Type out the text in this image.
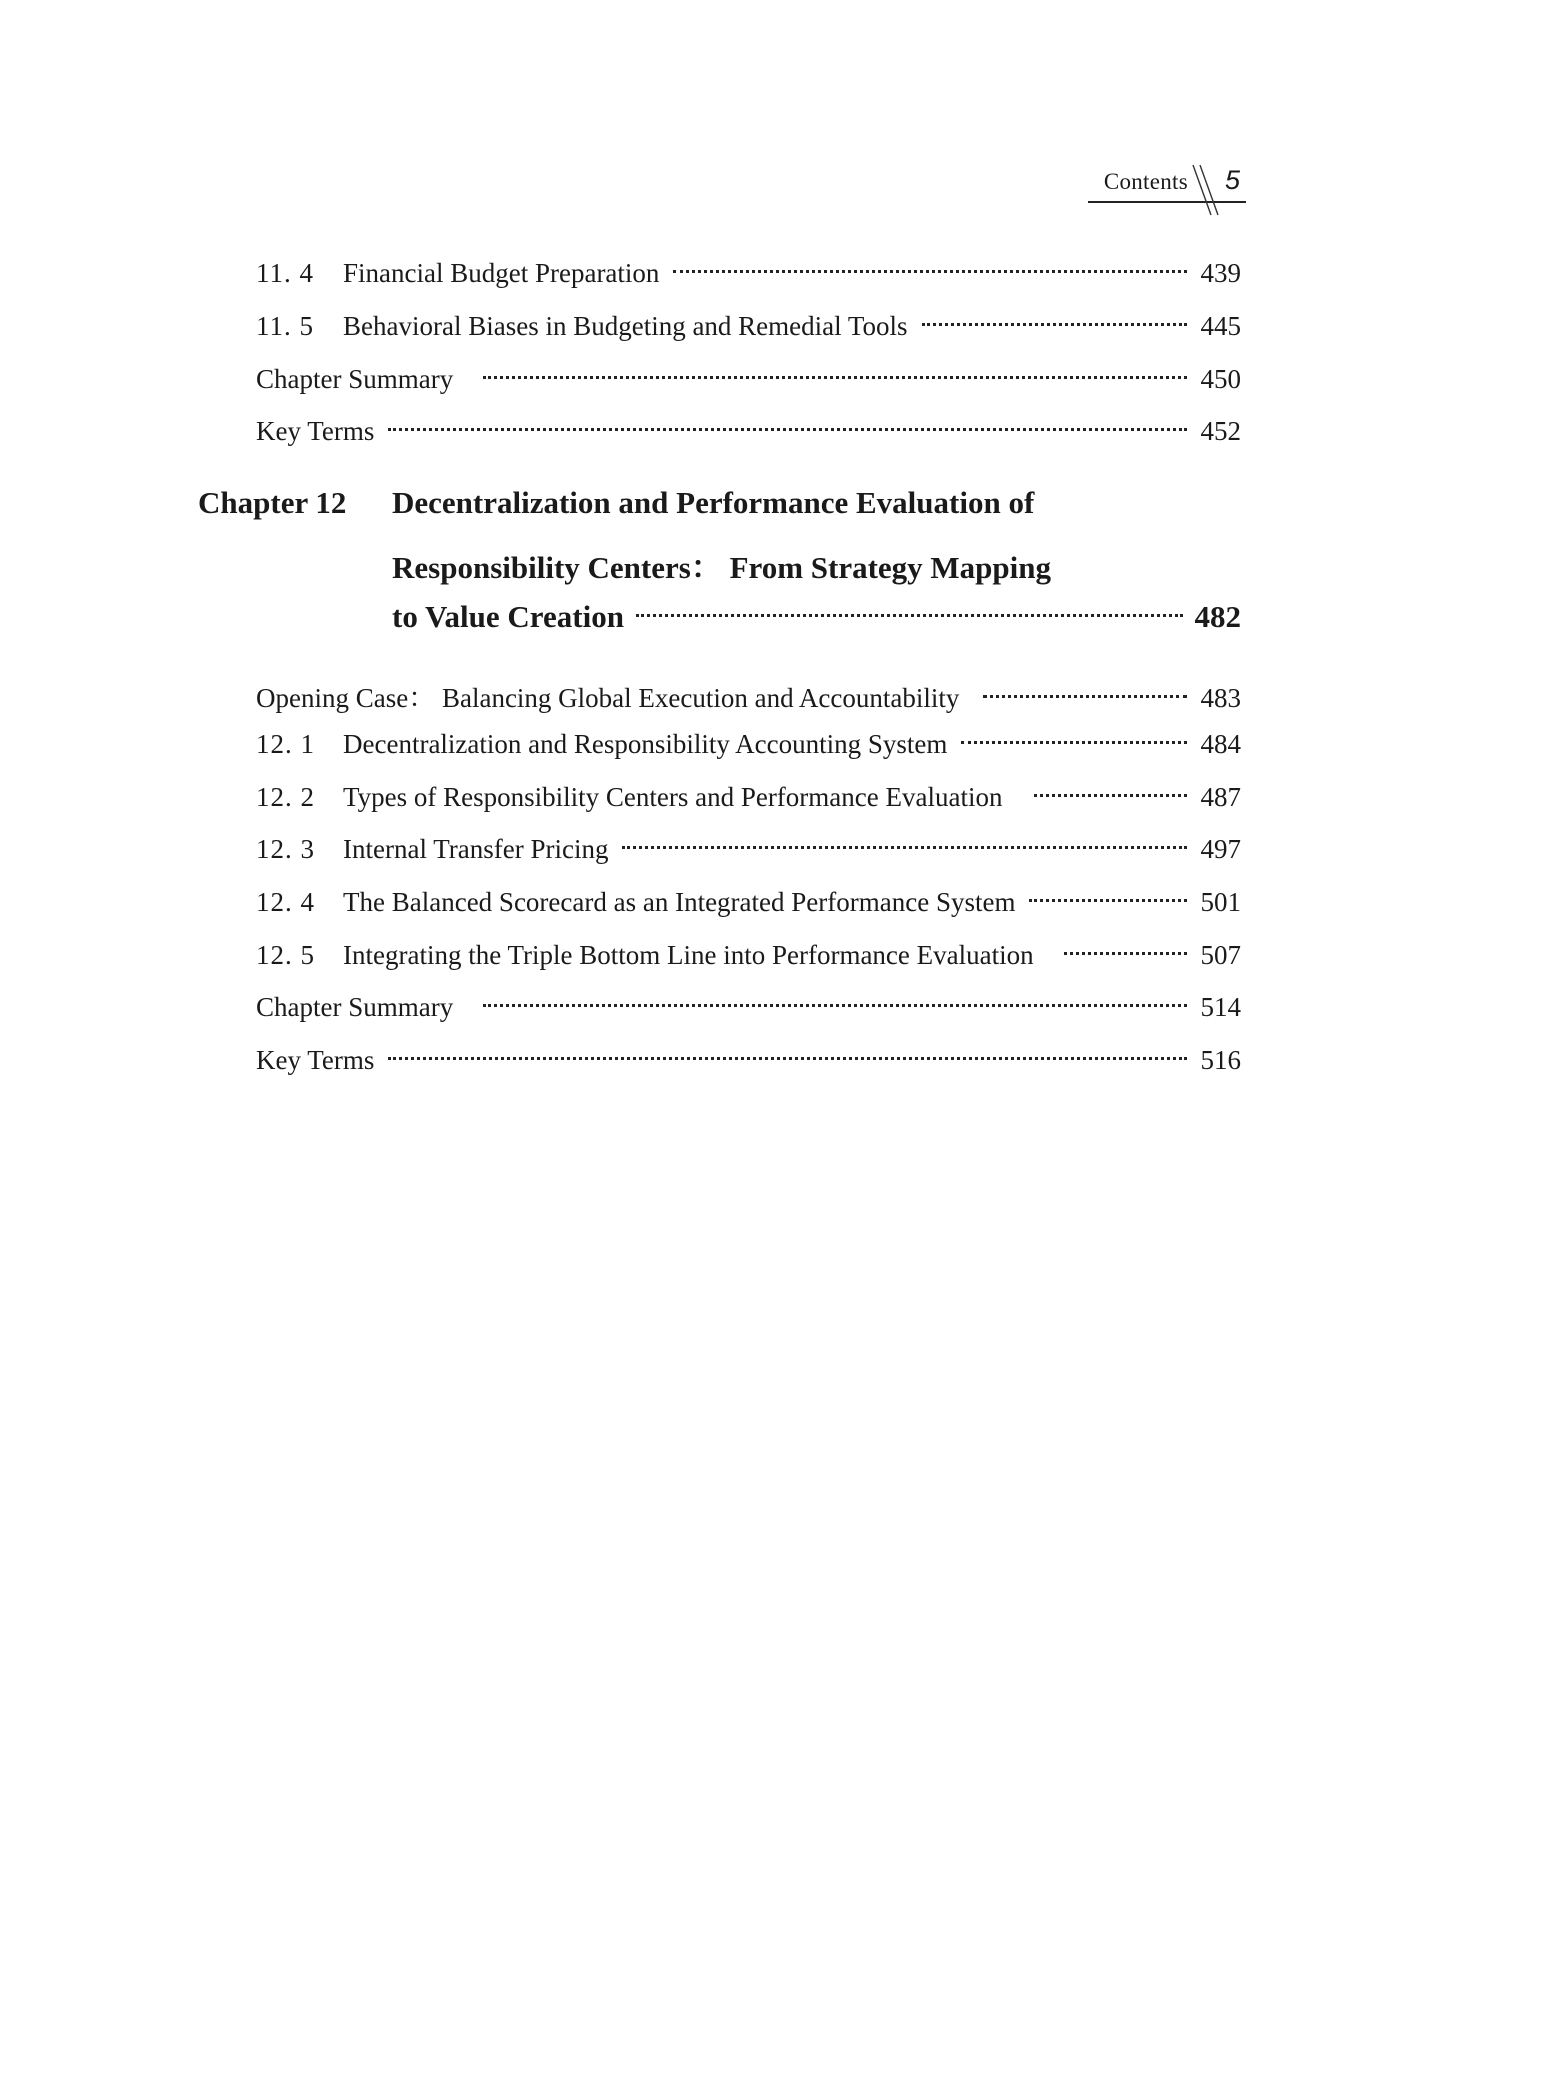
Contents 5
11. 4	Financial Budget Preparation	439
11. 5	Behavioral Biases in Budgeting and Remedial Tools	445
Chapter Summary	450
Key Terms	452
Chapter 12 Decentralization and Performance Evaluation of
Responsibility Centers： From Strategy Mapping
to Value Creation	482
Opening Case： Balancing Global Execution and Accountability	483
12. 1	Decentralization and Responsibility Accounting System	484
12. 2	Types of Responsibility Centers and Performance Evaluation	487
12. 3	Internal Transfer Pricing	497
12. 4	The Balanced Scorecard as an Integrated Performance System	501
12. 5	Integrating the Triple Bottom Line into Performance Evaluation	507
Chapter Summary	514
Key Terms	516
